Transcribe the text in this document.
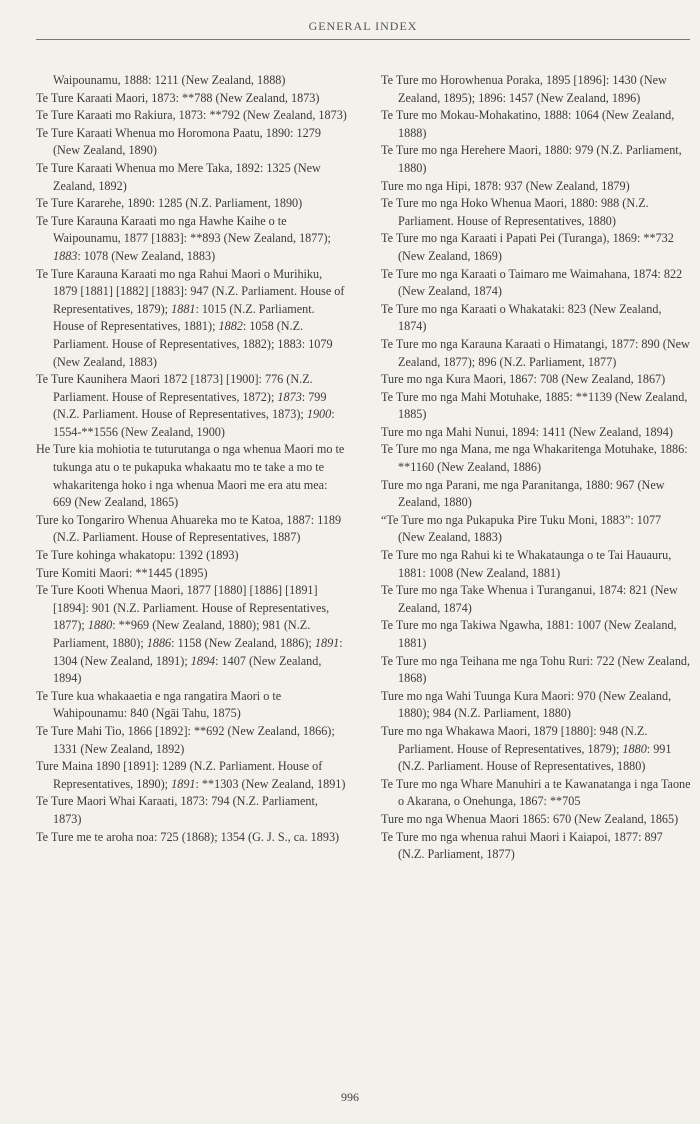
GENERAL INDEX
Waipounamu, 1888: 1211 (New Zealand, 1888)
Te Ture Karaati Maori, 1873: **788 (New Zealand, 1873)
Te Ture Karaati mo Rakiura, 1873: **792 (New Zealand, 1873)
Te Ture Karaati Whenua mo Horomona Paatu, 1890: 1279 (New Zealand, 1890)
Te Ture Karaati Whenua mo Mere Taka, 1892: 1325 (New Zealand, 1892)
Te Ture Kararehe, 1890: 1285 (N.Z. Parliament, 1890)
Te Ture Karauna Karaati mo nga Hawhe Kaihe o te Waipounamu, 1877 [1883]: **893 (New Zealand, 1877); 1883: 1078 (New Zealand, 1883)
Te Ture Karauna Karaati mo nga Rahui Maori o Murihiku, 1879 [1881] [1882] [1883]: 947 (N.Z. Parliament. House of Representatives, 1879); 1881: 1015 (N.Z. Parliament. House of Representatives, 1881); 1882: 1058 (N.Z. Parliament. House of Representatives, 1882); 1883: 1079 (New Zealand, 1883)
Te Ture Kaunihera Maori 1872 [1873] [1900]: 776 (N.Z. Parliament. House of Representatives, 1872); 1873: 799 (N.Z. Parliament. House of Representatives, 1873); 1900: 1554-**1556 (New Zealand, 1900)
He Ture kia mohiotia te tuturutanga o nga whenua Maori mo te tukunga atu o te pukapuka whakaatu mo te take a mo te whakaritenga hoko i nga whenua Maori me era atu mea: 669 (New Zealand, 1865)
Ture ko Tongariro Whenua Ahuareka mo te Katoa, 1887: 1189 (N.Z. Parliament. House of Representatives, 1887)
Te Ture kohinga whakatopu: 1392 (1893)
Ture Komiti Maori: **1445 (1895)
Te Ture Kooti Whenua Maori, 1877 [1880] [1886] [1891] [1894]: 901 (N.Z. Parliament. House of Representatives, 1877); 1880: **969 (New Zealand, 1880); 981 (N.Z. Parliament, 1880); 1886: 1158 (New Zealand, 1886); 1891: 1304 (New Zealand, 1891); 1894: 1407 (New Zealand, 1894)
Te Ture kua whakaaetia e nga rangatira Maori o te Wahipounamu: 840 (Ngāi Tahu, 1875)
Te Ture Mahi Tio, 1866 [1892]: **692 (New Zealand, 1866); 1331 (New Zealand, 1892)
Ture Maina 1890 [1891]: 1289 (N.Z. Parliament. House of Representatives, 1890); 1891: **1303 (New Zealand, 1891)
Te Ture Maori Whai Karaati, 1873: 794 (N.Z. Parliament, 1873)
Te Ture me te aroha noa: 725 (1868); 1354 (G. J. S., ca. 1893)
Te Ture mo Horowhenua Poraka, 1895 [1896]: 1430 (New Zealand, 1895); 1896: 1457 (New Zealand, 1896)
Te Ture mo Mokau-Mohakatino, 1888: 1064 (New Zealand, 1888)
Te Ture mo nga Herehere Maori, 1880: 979 (N.Z. Parliament, 1880)
Ture mo nga Hipi, 1878: 937 (New Zealand, 1879)
Te Ture mo nga Hoko Whenua Maori, 1880: 988 (N.Z. Parliament. House of Representatives, 1880)
Te Ture mo nga Karaati i Papati Pei (Turanga), 1869: **732 (New Zealand, 1869)
Te Ture mo nga Karaati o Taimaro me Waimahana, 1874: 822 (New Zealand, 1874)
Te Ture mo nga Karaati o Whakataki: 823 (New Zealand, 1874)
Te Ture mo nga Karauna Karaati o Himatangi, 1877: 890 (New Zealand, 1877); 896 (N.Z. Parliament, 1877)
Ture mo nga Kura Maori, 1867: 708 (New Zealand, 1867)
Te Ture mo nga Mahi Motuhake, 1885: **1139 (New Zealand, 1885)
Ture mo nga Mahi Nunui, 1894: 1411 (New Zealand, 1894)
Te Ture mo nga Mana, me nga Whakaritenga Motuhake, 1886: **1160 (New Zealand, 1886)
Ture mo nga Parani, me nga Paranitanga, 1880: 967 (New Zealand, 1880)
“Te Ture mo nga Pukapuka Pire Tuku Moni, 1883”: 1077 (New Zealand, 1883)
Te Ture mo nga Rahui ki te Whakataunga o te Tai Hauauru, 1881: 1008 (New Zealand, 1881)
Te Ture mo nga Take Whenua i Turanganui, 1874: 821 (New Zealand, 1874)
Te Ture mo nga Takiwa Ngawha, 1881: 1007 (New Zealand, 1881)
Te Ture mo nga Teihana me nga Tohu Ruri: 722 (New Zealand, 1868)
Ture mo nga Wahi Tuunga Kura Maori: 970 (New Zealand, 1880); 984 (N.Z. Parliament, 1880)
Ture mo nga Whakawa Maori, 1879 [1880]: 948 (N.Z. Parliament. House of Representatives, 1879); 1880: 991 (N.Z. Parliament. House of Representatives, 1880)
Te Ture mo nga Whare Manuhiri a te Kawanatanga i nga Taone o Akarana, o Onehunga, 1867: **705
Ture mo nga Whenua Maori 1865: 670 (New Zealand, 1865)
Te Ture mo nga whenua rahui Maori i Kaiapoi, 1877: 897 (N.Z. Parliament, 1877)
996
